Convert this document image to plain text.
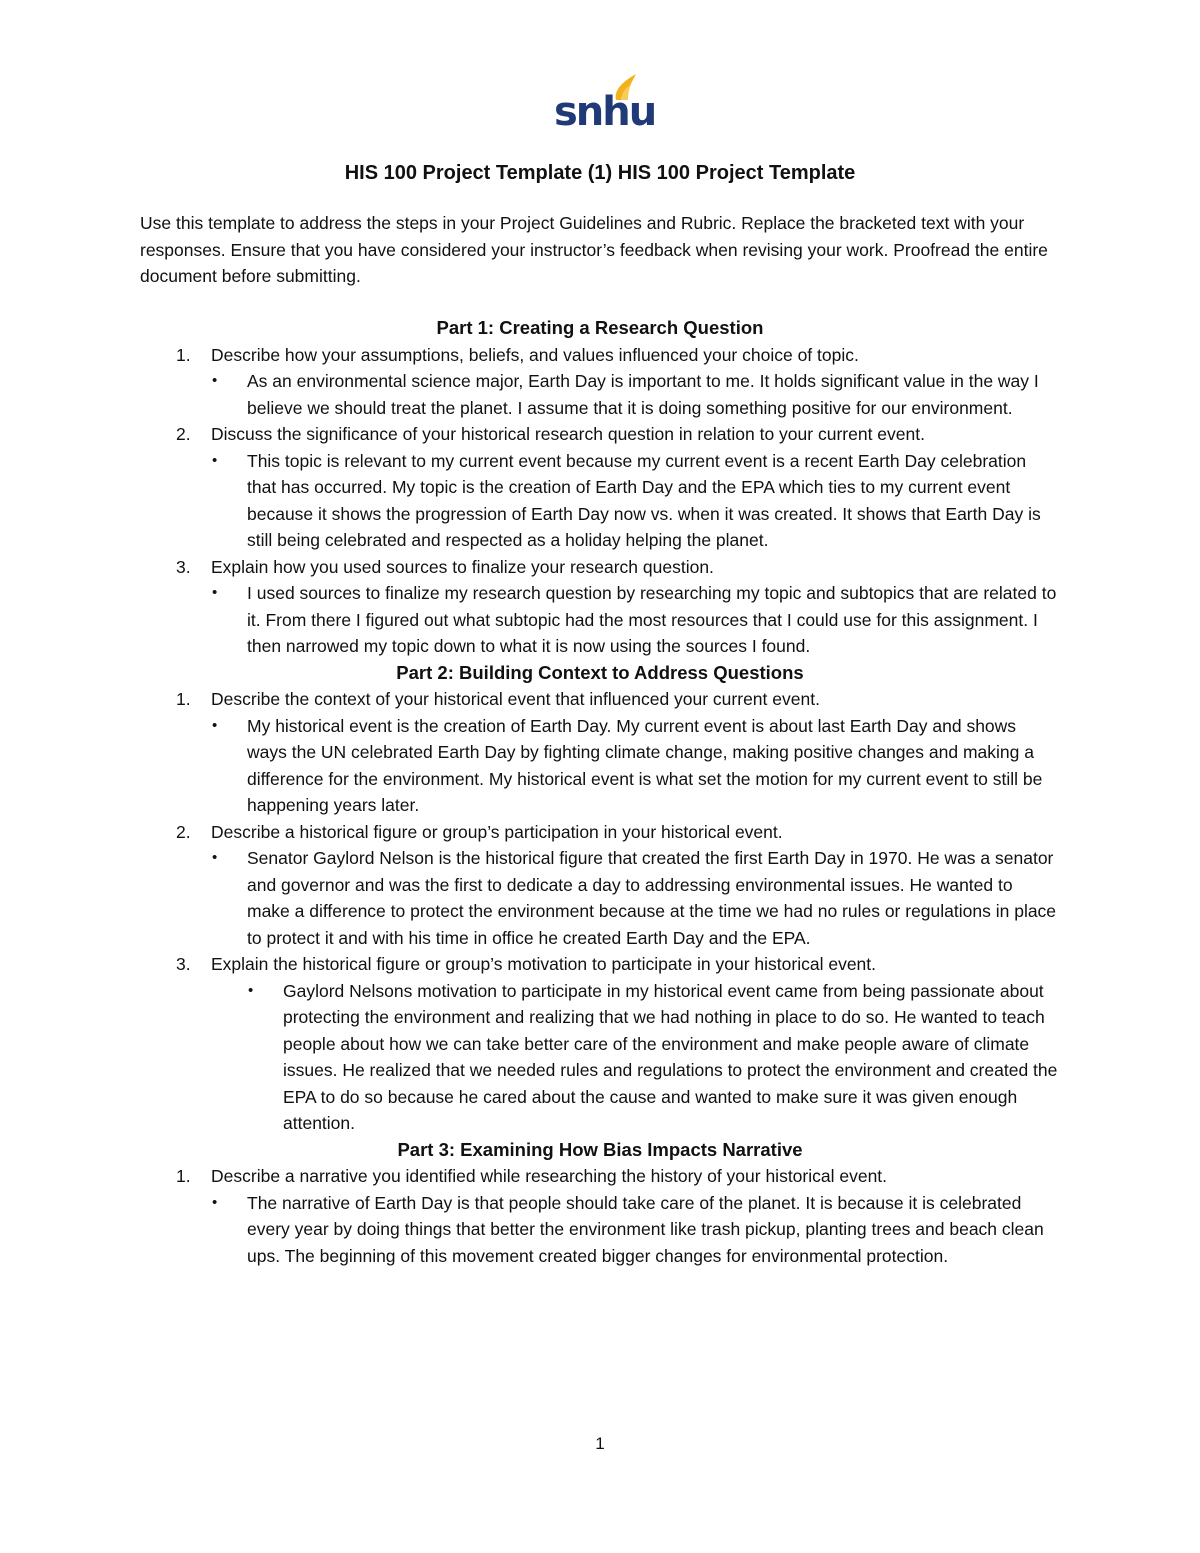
snhu
HIS 100 Project Template (1) HIS 100 Project Template
Use this template to address the steps in your Project Guidelines and Rubric. Replace the bracketed text with your responses. Ensure that you have considered your instructor’s feedback when revising your work. Proofread the entire document before submitting.
Part 1: Creating a Research Question
1. Describe how your assumptions, beliefs, and values influenced your choice of topic.
• As an environmental science major, Earth Day is important to me. It holds significant value in the way I believe we should treat the planet. I assume that it is doing something positive for our environment.
2. Discuss the significance of your historical research question in relation to your current event.
• This topic is relevant to my current event because my current event is a recent Earth Day celebration that has occurred. My topic is the creation of Earth Day and the EPA which ties to my current event because it shows the progression of Earth Day now vs. when it was created. It shows that Earth Day is still being celebrated and respected as a holiday helping the planet.
3. Explain how you used sources to finalize your research question.
• I used sources to finalize my research question by researching my topic and subtopics that are related to it. From there I figured out what subtopic had the most resources that I could use for this assignment. I then narrowed my topic down to what it is now using the sources I found.
Part 2: Building Context to Address Questions
1. Describe the context of your historical event that influenced your current event.
• My historical event is the creation of Earth Day. My current event is about last Earth Day and shows ways the UN celebrated Earth Day by fighting climate change, making positive changes and making a difference for the environment. My historical event is what set the motion for my current event to still be happening years later.
2. Describe a historical figure or group’s participation in your historical event.
• Senator Gaylord Nelson is the historical figure that created the first Earth Day in 1970. He was a senator and governor and was the first to dedicate a day to addressing environmental issues. He wanted to make a difference to protect the environment because at the time we had no rules or regulations in place to protect it and with his time in office he created Earth Day and the EPA.
3. Explain the historical figure or group’s motivation to participate in your historical event.
• Gaylord Nelsons motivation to participate in my historical event came from being passionate about protecting the environment and realizing that we had nothing in place to do so. He wanted to teach people about how we can take better care of the environment and make people aware of climate issues. He realized that we needed rules and regulations to protect the environment and created the EPA to do so because he cared about the cause and wanted to make sure it was given enough attention.
Part 3: Examining How Bias Impacts Narrative
1. Describe a narrative you identified while researching the history of your historical event.
• The narrative of Earth Day is that people should take care of the planet. It is because it is celebrated every year by doing things that better the environment like trash pickup, planting trees and beach clean ups. The beginning of this movement created bigger changes for environmental protection.
1
